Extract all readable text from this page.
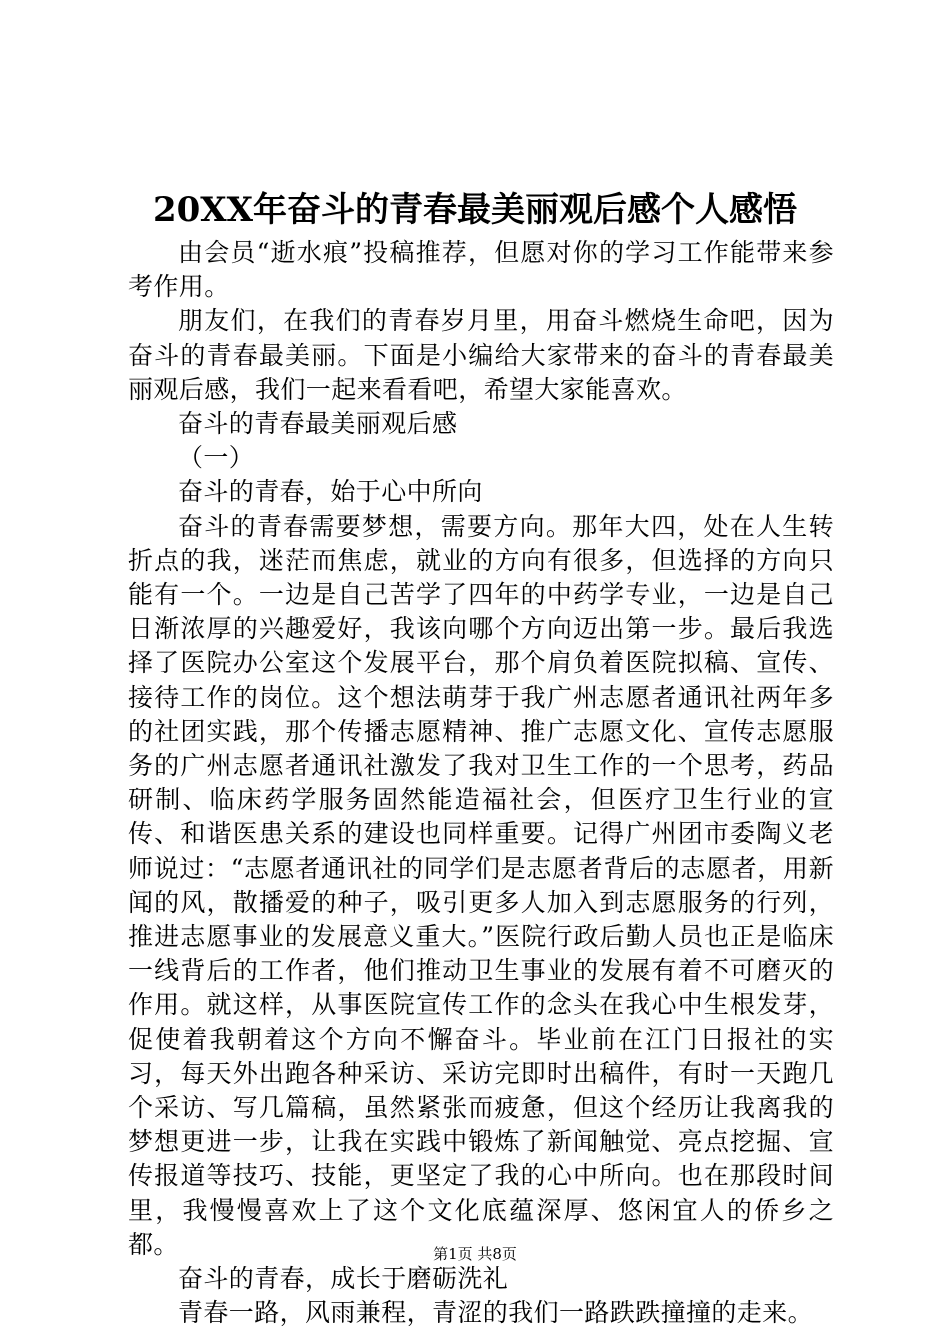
20XX年奋斗的青春最美丽观后感个人感悟

由会员“逝水痕”投稿推荐，但愿对你的学习工作能带来参考作用。

朋友们，在我们的青春岁月里，用奋斗燃烧生命吧，因为奋斗的青春最美丽。下面是小编给大家带来的奋斗的青春最美丽观后感，我们一起来看看吧，希望大家能喜欢。

奋斗的青春最美丽观后感

（一）

奋斗的青春，始于心中所向

奋斗的青春需要梦想，需要方向。那年大四，处在人生转折点的我，迷茫而焦虑，就业的方向有很多，但选择的方向只能有一个。一边是自己苦学了四年的中药学专业，一边是自己日渐浓厚的兴趣爱好，我该向哪个方向迈出第一步。最后我选择了医院办公室这个发展平台，那个肩负着医院拟稿、宣传、接待工作的岗位。这个想法萌芽于我广州志愿者通讯社两年多的社团实践，那个传播志愿精神、推广志愿文化、宣传志愿服务的广州志愿者通讯社激发了我对卫生工作的一个思考，药品研制、临床药学服务固然能造福社会，但医疗卫生行业的宣传、和谐医患关系的建设也同样重要。记得广州团市委陶义老师说过：“志愿者通讯社的同学们是志愿者背后的志愿者，用新闻的风，散播爱的种子，吸引更多人加入到志愿服务的行列，推进志愿事业的发展意义重大。”医院行政后勤人员也正是临床一线背后的工作者，他们推动卫生事业的发展有着不可磨灭的作用。就这样，从事医院宣传工作的念头在我心中生根发芽，促使着我朝着这个方向不懈奋斗。毕业前在江门日报社的实习，每天外出跑各种采访、采访完即时出稿件，有时一天跑几个采访、写几篇稿，虽然紧张而疲惫，但这个经历让我离我的梦想更进一步，让我在实践中锻炼了新闻触觉、亮点挖掘、宣传报道等技巧、技能，更坚定了我的心中所向。也在那段时间里，我慢慢喜欢上了这个文化底蕴深厚、悠闲宜人的侨乡之都。

奋斗的青春，成长于磨砺洗礼

青春一路，风雨兼程，青涩的我们一路跌跌撞撞的走来。

第1页 共8页
